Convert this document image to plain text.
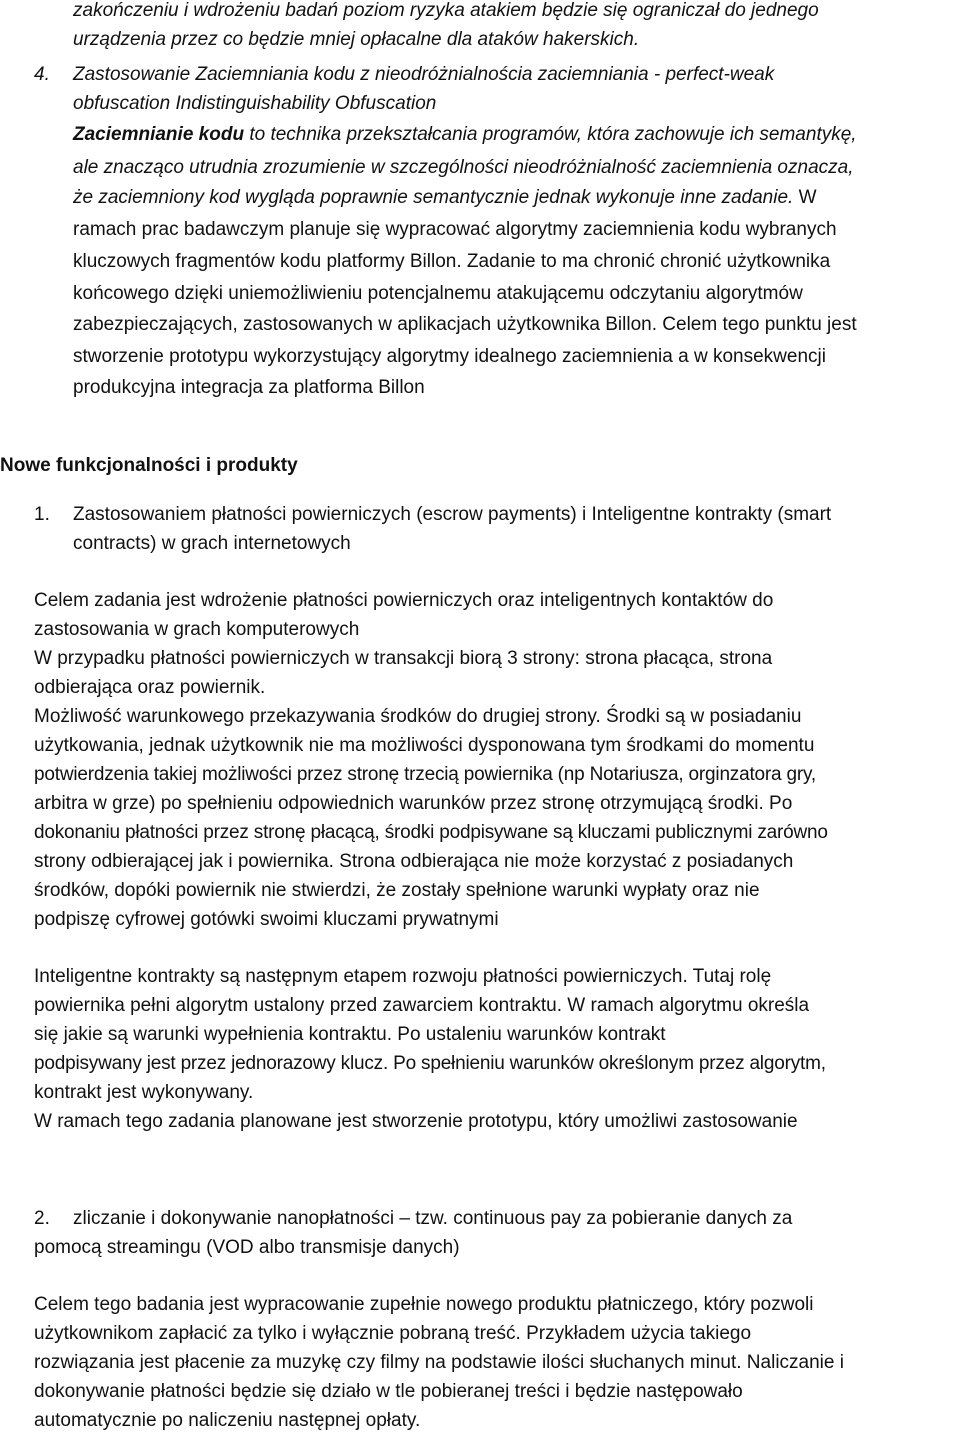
zakończeniu i wdrożeniu badań poziom ryzyka atakiem będzie się ograniczał do jednego
urządzenia przez co będzie mniej opłacalne dla ataków hakerskich.
4. Zastosowanie Zaciemniania kodu z nieodróżnialnościa zaciemniania - perfect-weak
obfuscation Indistinguishability Obfuscation
Zaciemnianie kodu to technika przekształcania programów, która zachowuje ich semantykę,
ale znacząco utrudnia zrozumienie w szczególności nieodróżnialność zaciemnienia oznacza,
że zaciemniony kod wygląda poprawnie semantycznie jednak wykonuje inne zadanie. W
ramach prac badawczym planuje się wypracować algorytmy zaciemnienia kodu wybranych
kluczowych fragmentów kodu platformy Billon. Zadanie to ma chronić chronić użytkownika
końcowego dzięki uniemożliwieniu potencjalnemu atakującemu odczytaniu algorytmów
zabezpieczających, zastosowanych w aplikacjach użytkownika Billon. Celem tego punktu jest
stworzenie prototypu wykorzystujący algorytmy idealnego zaciemnienia a w konsekwencji
produkcyjna integracja za platforma Billon
Nowe funkcjonalności i produkty
1. Zastosowaniem płatności powierniczych (escrow payments) i Inteligentne kontrakty (smart
contracts) w grach internetowych
Celem zadania jest wdrożenie płatności powierniczych oraz inteligentnych kontaktów do
zastosowania w grach komputerowych
W przypadku płatności powierniczych w transakcji biorą 3 strony: strona płacąca, strona
odbierająca oraz powiernik.
Możliwość warunkowego przekazywania środków do drugiej strony. Środki są w posiadaniu
użytkowania, jednak użytkownik nie ma możliwości dysponowana tym środkami do momentu
potwierdzenia takiej możliwości przez stronę trzecią powiernika (np Notariusza, orginzatora gry,
arbitra w grze) po spełnieniu odpowiednich warunków przez stronę otrzymującą środki. Po
dokonaniu płatności przez stronę płacącą, środki podpisywane są kluczami publicznymi zarówno
strony odbierającej jak i powiernika. Strona odbierająca nie może korzystać z posiadanych
środków, dopóki powiernik nie stwierdzi, że zostały spełnione warunki wypłaty oraz nie
podpiszę cyfrowej gotówki swoimi kluczami prywatnymi
Inteligentne kontrakty są następnym etapem rozwoju płatności powierniczych. Tutaj rolę
powiernika pełni algorytm ustalony przed zawarciem kontraktu. W ramach algorytmu określa
się jakie są warunki wypełnienia kontraktu. Po ustaleniu warunków kontrakt
podpisywany jest przez jednorazowy klucz. Po spełnieniu warunków określonym przez algorytm,
kontrakt jest wykonywany.
W ramach tego zadania planowane jest stworzenie prototypu, który umożliwi zastosowanie
2. zliczanie i dokonywanie nanopłatności – tzw. continuous pay za pobieranie danych za
pomocą streamingu (VOD albo transmisje danych)
Celem tego badania jest wypracowanie zupełnie nowego produktu płatniczego, który pozwoli
użytkownikom zapłacić za tylko i wyłącznie pobraną treść. Przykładem użycia takiego
rozwiązania jest płacenie za muzykę czy filmy na podstawie ilości słuchanych minut. Naliczanie i
dokonywanie płatności będzie się działo w tle pobieranej treści i będzie następowało
automatycznie po naliczeniu następnej opłaty.
